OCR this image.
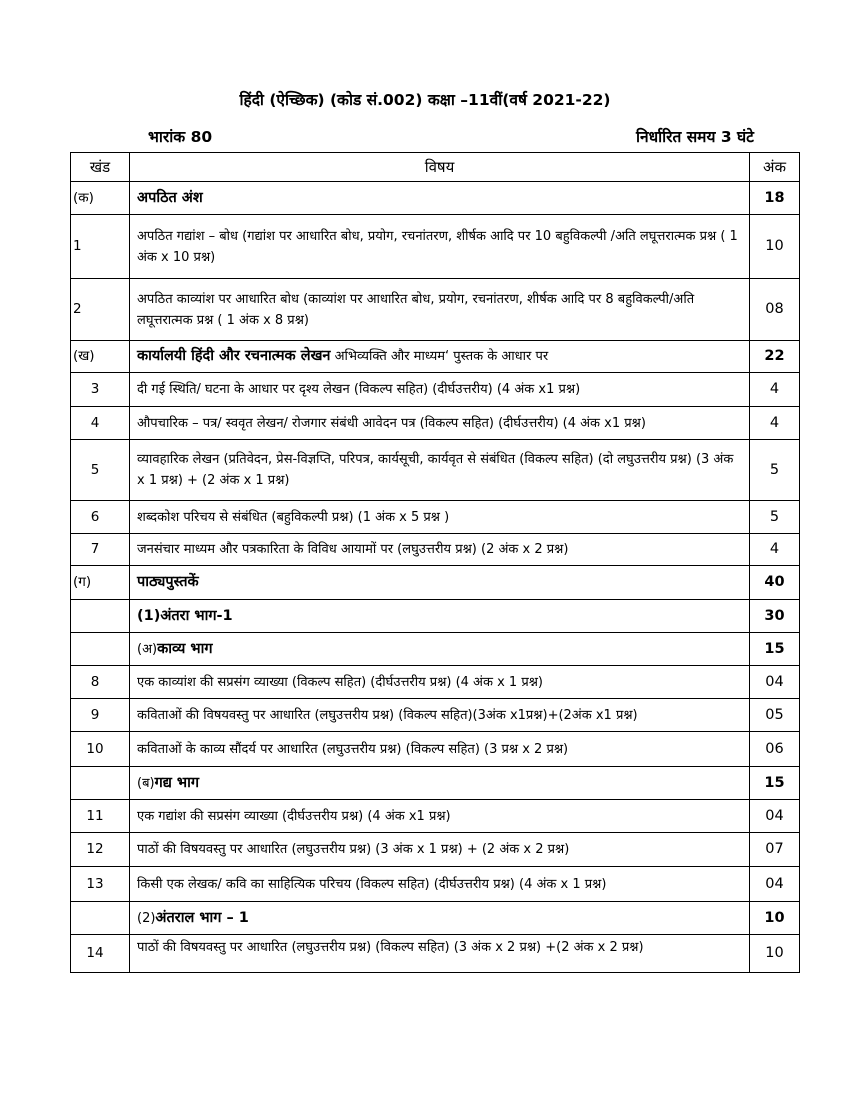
हिंदी (ऐच्छिक) (कोड सं.002) कक्षा –11वीं(वर्ष 2021-22)
भारांक 80	निर्धारित समय 3 घंटे
खंड	विषय	अंक
(क)	अपठित अंश	18
1	अपठित गद्यांश – बोध (गद्यांश पर आधारित बोध, प्रयोग, रचनांतरण, शीर्षक आदि पर 10 बहुविकल्पी /अति लघूत्तरात्मक प्रश्न ( 1 अंक x 10 प्रश्न)	10
2	अपठित काव्यांश पर आधारित बोध (काव्यांश पर आधारित बोध, प्रयोग, रचनांतरण, शीर्षक आदि पर 8 बहुविकल्पी/अति लघूत्तरात्मक प्रश्न ( 1 अंक x 8 प्रश्न)	08
(ख)	कार्यालयी हिंदी और रचनात्मक लेखन अभिव्यक्ति और माध्यम‘ पुस्तक के आधार पर	22
3	दी गई स्थिति/ घटना के आधार पर दृश्य लेखन (विकल्प सहित) (दीर्घउत्तरीय) (4 अंक x1 प्रश्न)	4
4	औपचारिक – पत्र/ स्ववृत लेखन/ रोजगार संबंधी आवेदन पत्र (विकल्प सहित) (दीर्घउत्तरीय) (4 अंक x1 प्रश्न)	4
5	व्यावहारिक लेखन (प्रतिवेदन, प्रेस-विज्ञप्ति, परिपत्र, कार्यसूची, कार्यवृत से संबंधित (विकल्प सहित) (दो लघुउत्तरीय प्रश्न) (3 अंक x 1 प्रश्न) + (2 अंक x 1 प्रश्न)	5
6	शब्दकोश परिचय से संबंधित (बहुविकल्पी प्रश्न) (1 अंक x 5 प्रश्न )	5
7	जनसंचार माध्यम और पत्रकारिता के विविध आयामों पर (लघुउत्तरीय प्रश्न) (2 अंक x 2 प्रश्न)	4
(ग)	पाठ्यपुस्तकें	40
	(1)अंतरा भाग-1	30
	(अ)काव्य भाग	15
8	एक काव्यांश की सप्रसंग व्याख्या (विकल्प सहित) (दीर्घउत्तरीय प्रश्न) (4 अंक x 1 प्रश्न)	04
9	कविताओं की विषयवस्तु पर आधारित (लघुउत्तरीय प्रश्न) (विकल्प सहित)(3अंक x1प्रश्न)+(2अंक x1 प्रश्न)	05
10	कविताओं के काव्य सौंदर्य पर आधारित (लघुउत्तरीय प्रश्न) (विकल्प सहित) (3 प्रश्न x 2 प्रश्न)	06
	(ब)गद्य भाग	15
11	एक गद्यांश की सप्रसंग व्याख्या (दीर्घउत्तरीय प्रश्न) (4 अंक x1 प्रश्न)	04
12	पाठों की विषयवस्तु पर आधारित (लघुउत्तरीय प्रश्न) (3 अंक x 1 प्रश्न) + (2 अंक x 2 प्रश्न)	07
13	किसी एक लेखक/ कवि का साहित्यिक परिचय (विकल्प सहित) (दीर्घउत्तरीय प्रश्न) (4 अंक x 1 प्रश्न)	04
	(2)अंतराल भाग – 1	10
14	पाठों की विषयवस्तु पर आधारित (लघुउत्तरीय प्रश्न) (विकल्प सहित) (3 अंक x 2 प्रश्न) +(2 अंक x 2 प्रश्न)	10
